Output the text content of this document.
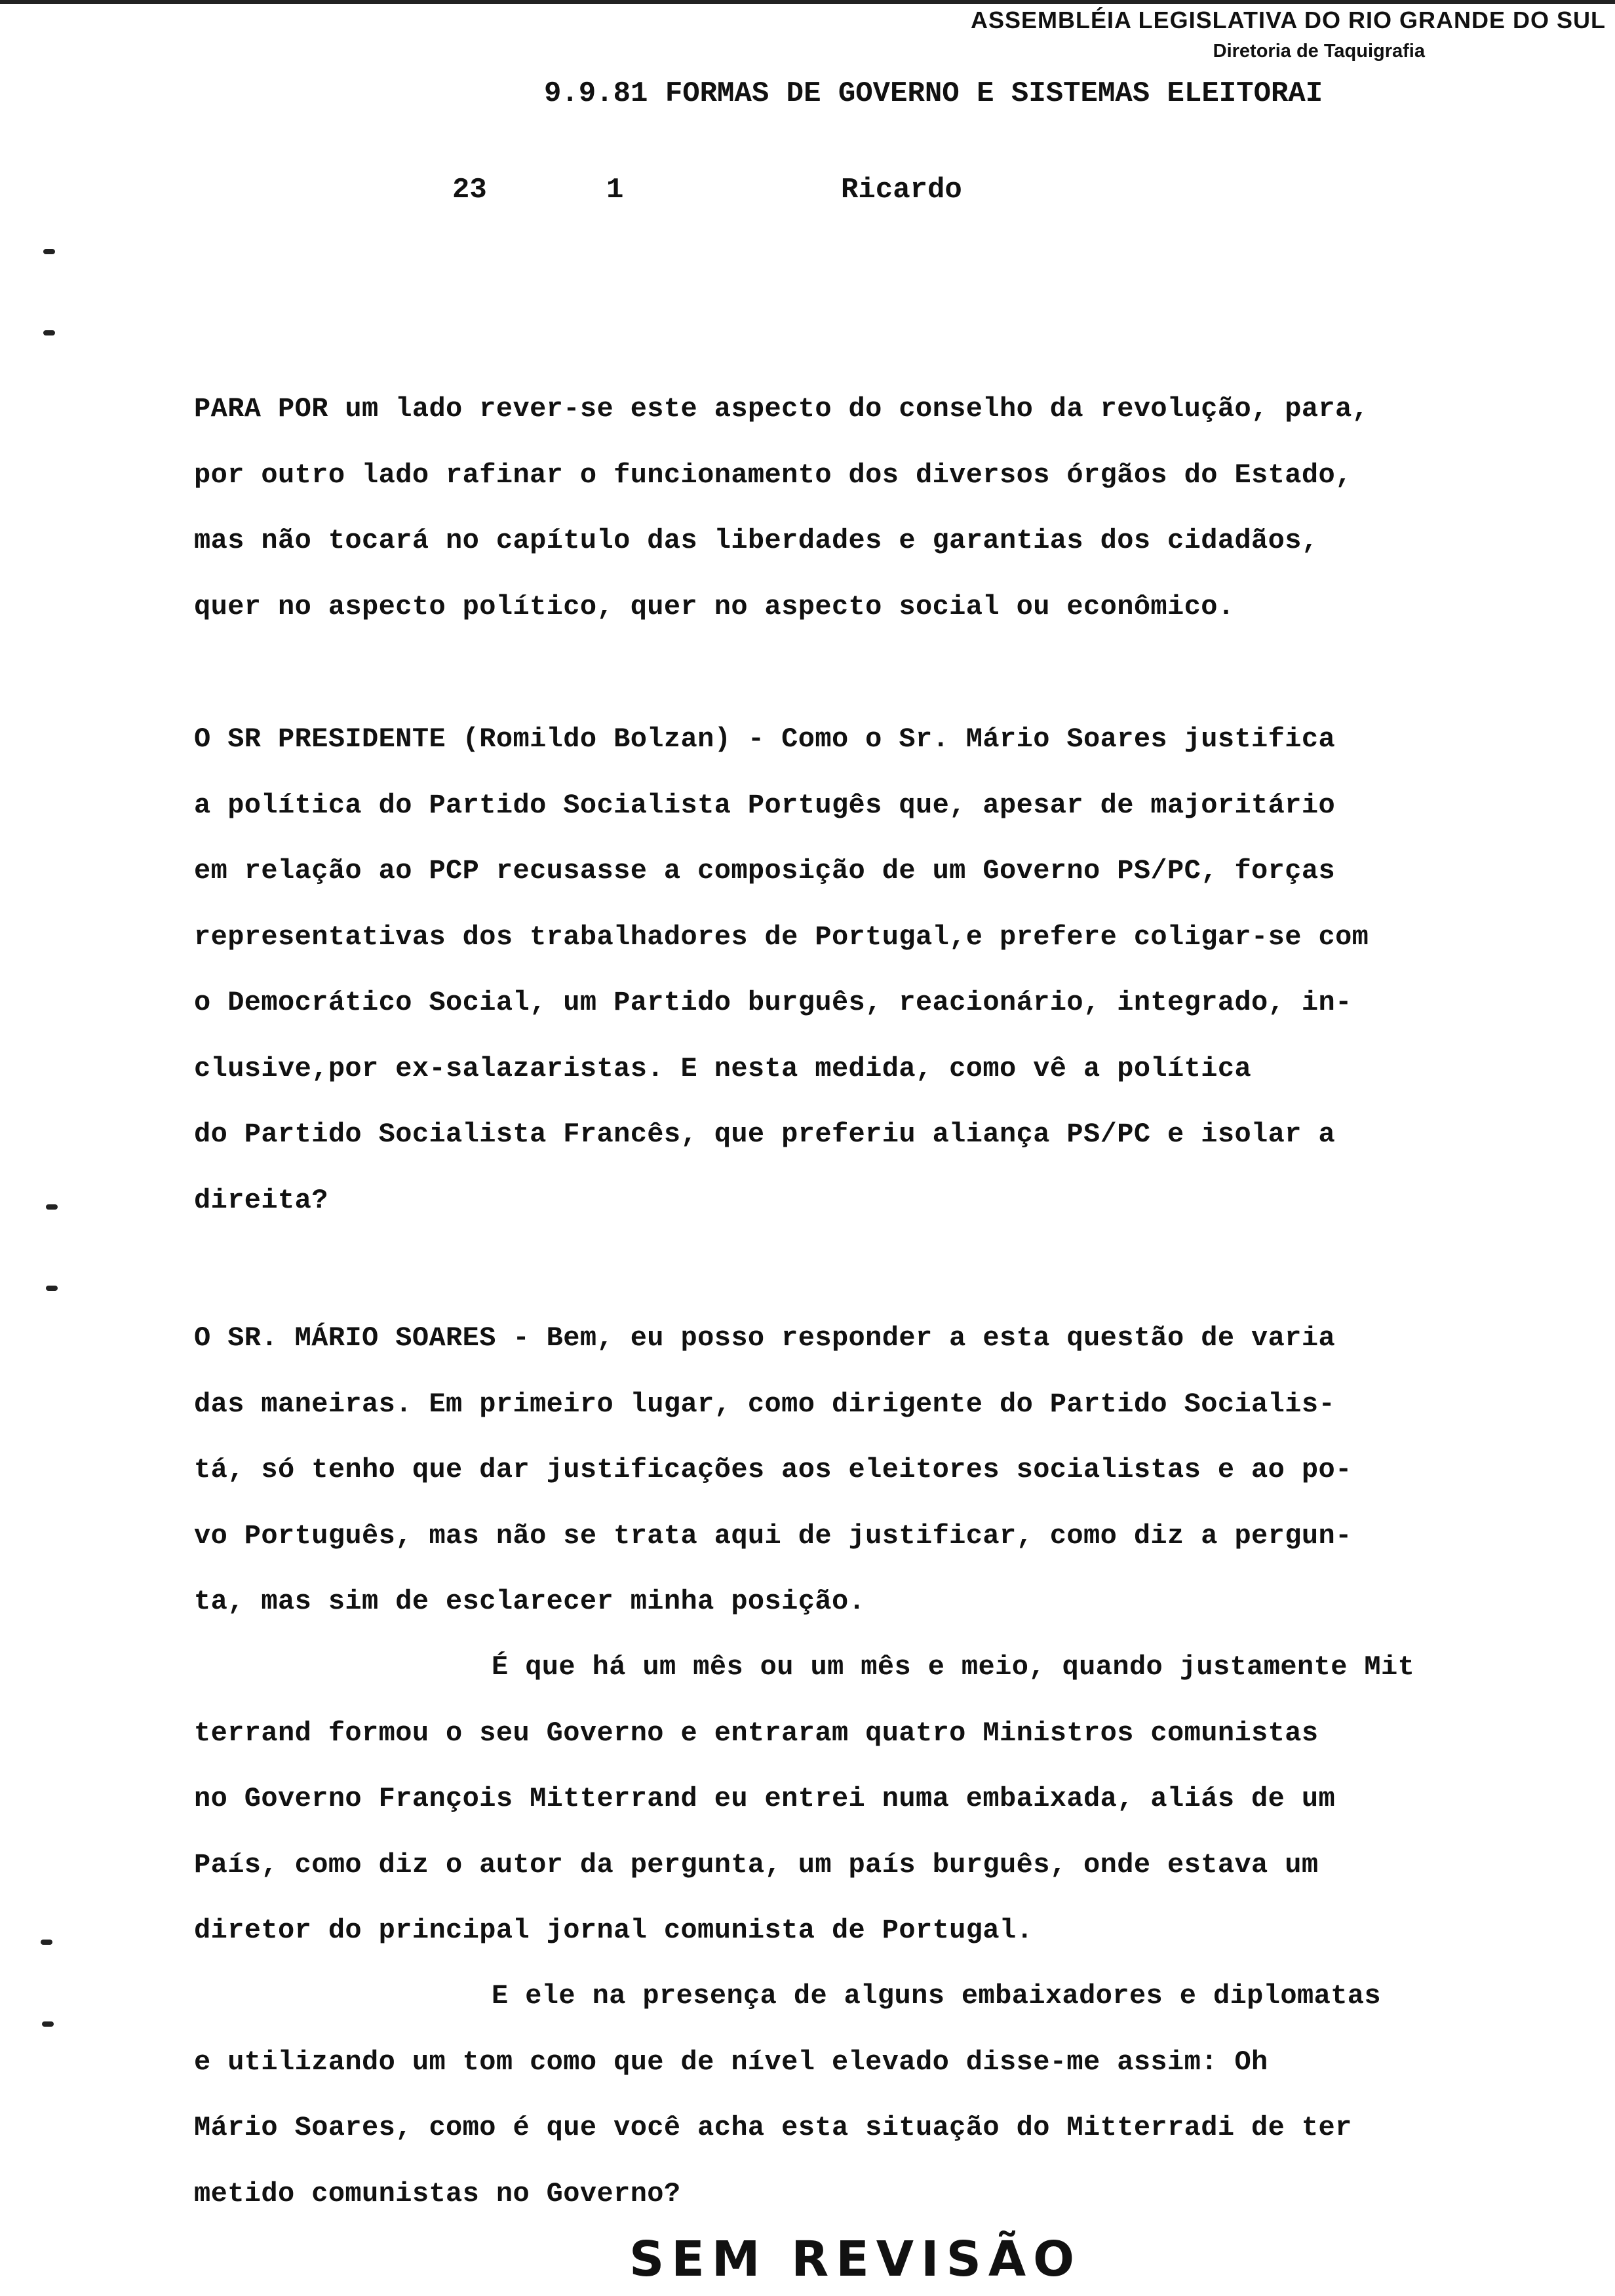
ASSEMBLÉIA LEGISLATIVA DO RIO GRANDE DO SUL
Diretoria de Taquigrafia
9.9.81 FORMAS DE GOVERNO E SISTEMAS ELEITORAI
23	1	Ricardo
PARA POR um lado rever-se este aspecto do conselho da revolução, para,
por outro lado rafinar o funcionamento dos diversos órgãos do Estado,
mas não tocará no capítulo das liberdades e garantias dos cidadãos,
quer no aspecto político, quer no aspecto social ou econômico.
O SR PRESIDENTE (Romildo Bolzan) - Como o Sr. Mário Soares justifica
a política do Partido Socialista Portugês que, apesar de majoritário
em relação ao PCP recusasse a composição de um Governo PS/PC, forças
representativas dos trabalhadores de Portugal,e prefere coligar-se com
o Democrático Social, um Partido burguês, reacionário, integrado, in-
clusive,por ex-salazaristas. E nesta medida, como vê a política
do Partido Socialista Francês, que preferiu aliança PS/PC e isolar a
direita?
O SR. MÁRIO SOARES - Bem, eu posso responder a esta questão de varia
das maneiras. Em primeiro lugar, como dirigente do Partido Socialis-
tá, só tenho que dar justificações aos eleitores socialistas e ao po-
vo Português, mas não se trata aqui de justificar, como diz a pergun-
ta, mas sim de esclarecer minha posição.
É que há um mês ou um mês e meio, quando justamente Mit
terrand formou o seu Governo e entraram quatro Ministros comunistas
no Governo François Mitterrand eu entrei numa embaixada, aliás de um
País, como diz o autor da pergunta, um país burguês, onde estava um
diretor do principal jornal comunista de Portugal.
E ele na presença de alguns embaixadores e diplomatas
e utilizando um tom como que de nível elevado disse-me assim: Oh
Mário Soares, como é que você acha esta situação do Mitterradi de ter
metido comunistas no Governo?
SEM REVISÃO
